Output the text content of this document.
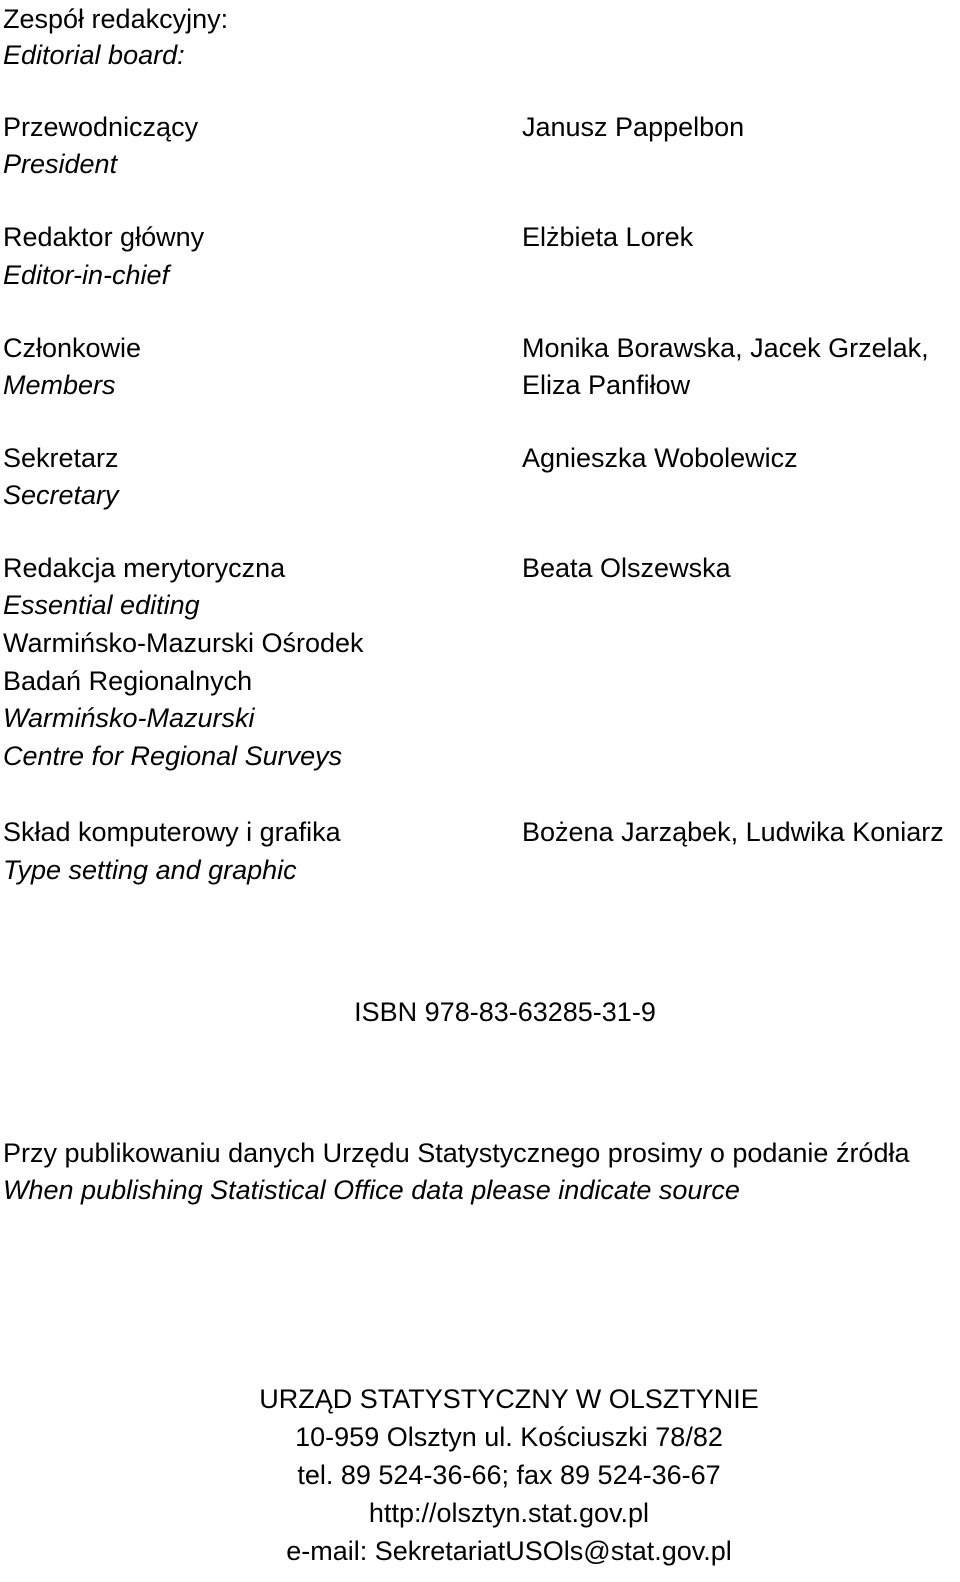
Zespół redakcyjny:
Editorial board:
Przewodniczący
President
Janusz Pappelbon
Redaktor główny
Editor-in-chief
Elżbieta Lorek
Członkowie
Members
Monika Borawska, Jacek Grzelak,
Eliza Panfiłow
Sekretarz
Secretary
Agnieszka Wobolewicz
Redakcja merytoryczna
Essential editing
Warmińsko-Mazurski Ośrodek
Badań Regionalnych
Warmińsko-Mazurski
Centre for Regional Surveys
Beata Olszewska
Skład komputerowy i grafika
Type setting and graphic
Bożena Jarząbek, Ludwika Koniarz
ISBN 978-83-63285-31-9
Przy publikowaniu danych Urzędu Statystycznego prosimy o podanie źródła
When publishing Statistical Office data please indicate source
URZĄD STATYSTYCZNY W OLSZTYNIE
10-959 Olsztyn ul. Kościuszki 78/82
tel. 89 524-36-66; fax 89 524-36-67
http://olsztyn.stat.gov.pl
e-mail: SekretariatUSOls@stat.gov.pl
